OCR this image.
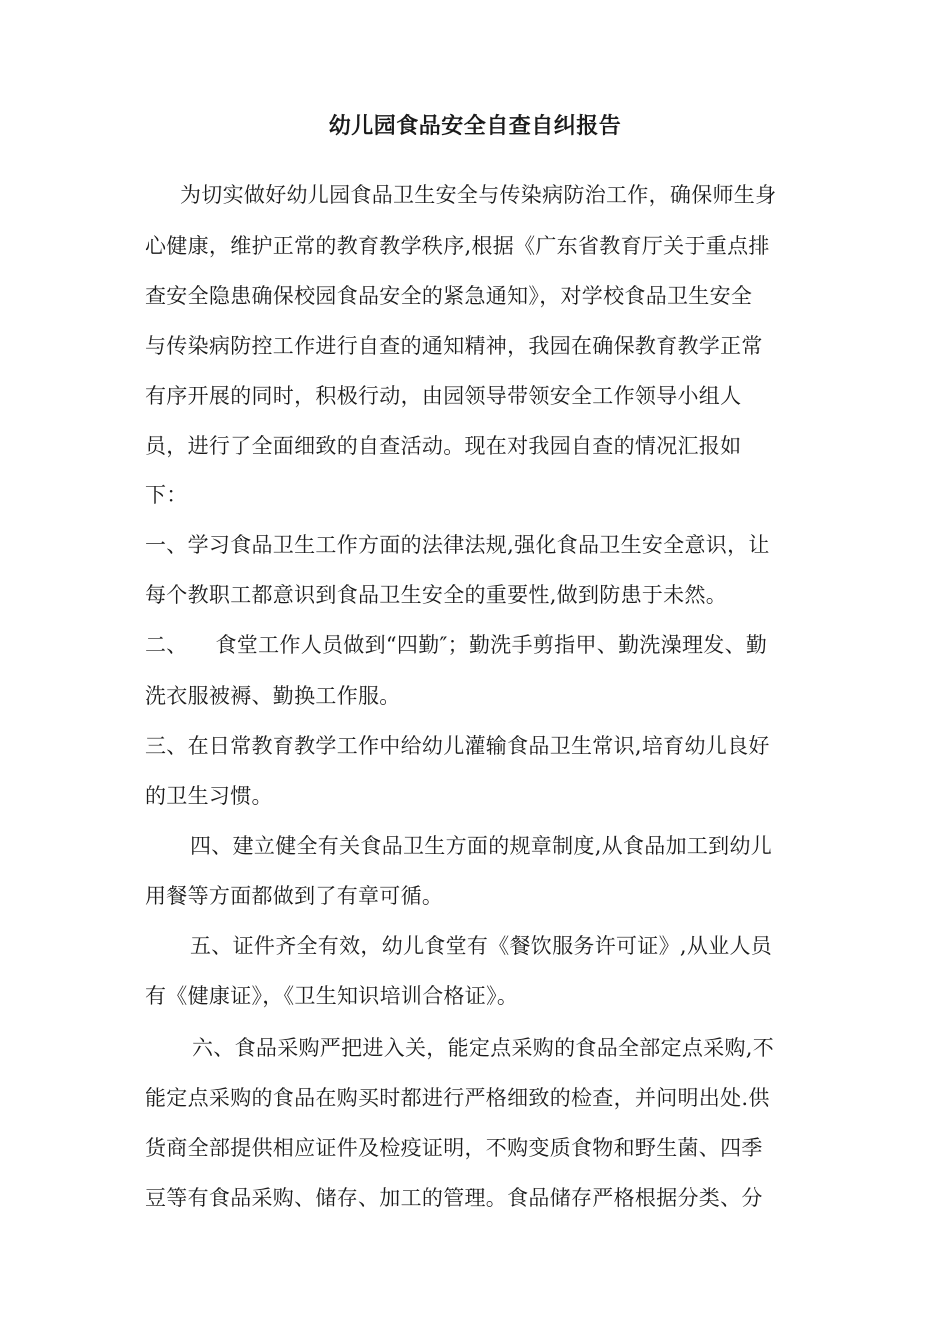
幼儿园食品安全自查自纠报告
为切实做好幼儿园食品卫生安全与传染病防治工作，确保师生身
心健康，维护正常的教育教学秩序,根据《广东省教育厅关于重点排
查安全隐患确保校园食品安全的紧急通知》，对学校食品卫生安全
与传染病防控工作进行自查的通知精神，我园在确保教育教学正常
有序开展的同时，积极行动，由园领导带领安全工作领导小组人
员，进行了全面细致的自查活动。现在对我园自查的情况汇报如
下：
一、学习食品卫生工作方面的法律法规,强化食品卫生安全意识，让
每个教职工都意识到食品卫生安全的重要性,做到防患于未然。
二、    食堂工作人员做到“四勤″；勤洗手剪指甲、勤洗澡理发、勤
洗衣服被褥、勤换工作服。
三、在日常教育教学工作中给幼儿灌输食品卫生常识,培育幼儿良好
的卫生习惯。
四、建立健全有关食品卫生方面的规章制度,从食品加工到幼儿
用餐等方面都做到了有章可循。
五、证件齐全有效，幼儿食堂有《餐饮服务许可证》,从业人员
有《健康证》，《卫生知识培训合格证》。
六、食品采购严把进入关，能定点采购的食品全部定点采购,不
能定点采购的食品在购买时都进行严格细致的检查，并问明出处.供
货商全部提供相应证件及检疫证明，不购变质食物和野生菌、四季
豆等有食品采购、储存、加工的管理。食品储存严格根据分类、分
